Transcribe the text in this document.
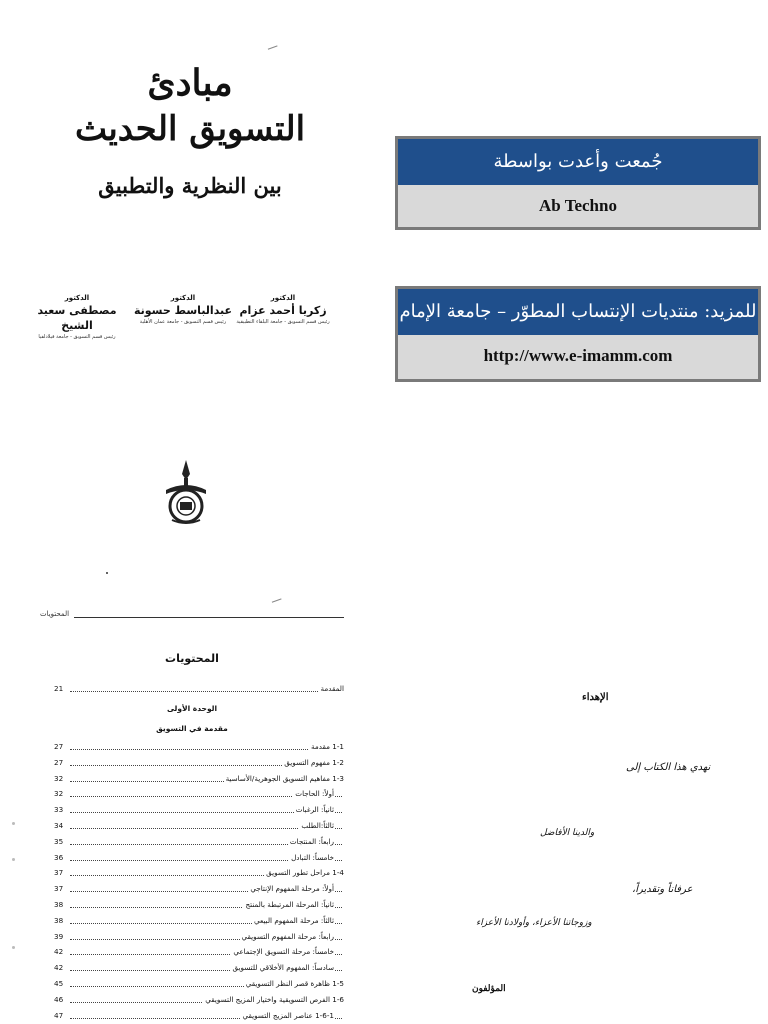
مبادئ
التسويق الحديث
بين النظرية والتطبيق
الدكتور
زكريا أحمد عزام
رئيس قسم التسويق - جامعة البلقاء التطبيقية
الدكتور
عبدالباسط حسونة
رئيس قسم التسويق - جامعة عمان الأهلية
الدكتور
مصطفى سعيد الشيخ
رئيس قسم التسويق - جامعة فيلادلفيا
جُمعت وأعدت بواسطة
Ab Techno
للمزيد: منتديات الإنتساب المطوّر – جامعة الإمام
http://www.e-imamm.com
المحتويات
المحتويات
21	المقدمة
الوحدة الأولى
مقدمة في التسويق
27	1-1 مقدمة
27	1-2 مفهوم التسويق
32	1-3 مفاهيم التسويق الجوهرية/الأساسية
32	أولاً: الحاجات
33	ثانياً: الرغبات
34	ثالثاً:الطلب
35	رابعاً: المنتجات
36	خامساً: التبادل
37	1-4 مراحل تطور التسويق
37	أولاً: مرحلة المفهوم الإنتاجي
38	ثانياً: المرحلة المرتبطة بالمنتج
38	ثالثاً: مرحلة المفهوم البيعي
39	رابعاً: مرحلة المفهوم التسويقي
42	خامساً: مرحلة التسويق الإجتماعي
42	سادساً: المفهوم الأخلاقي للتسويق
45	1-5 ظاهرة قصر النظر التسويقي
46	1-6 الفرص التسويقية واختيار المزيج التسويقي
47	1-6-1 عناصر المزيج التسويقي
الإهداء
نهدي هذا الكتاب إلى
والدينا الأفاضل
عرفاناً وتقديراً،
وزوجاتنا الأعزاء، وأولادنا الأعزاء
المؤلفون
